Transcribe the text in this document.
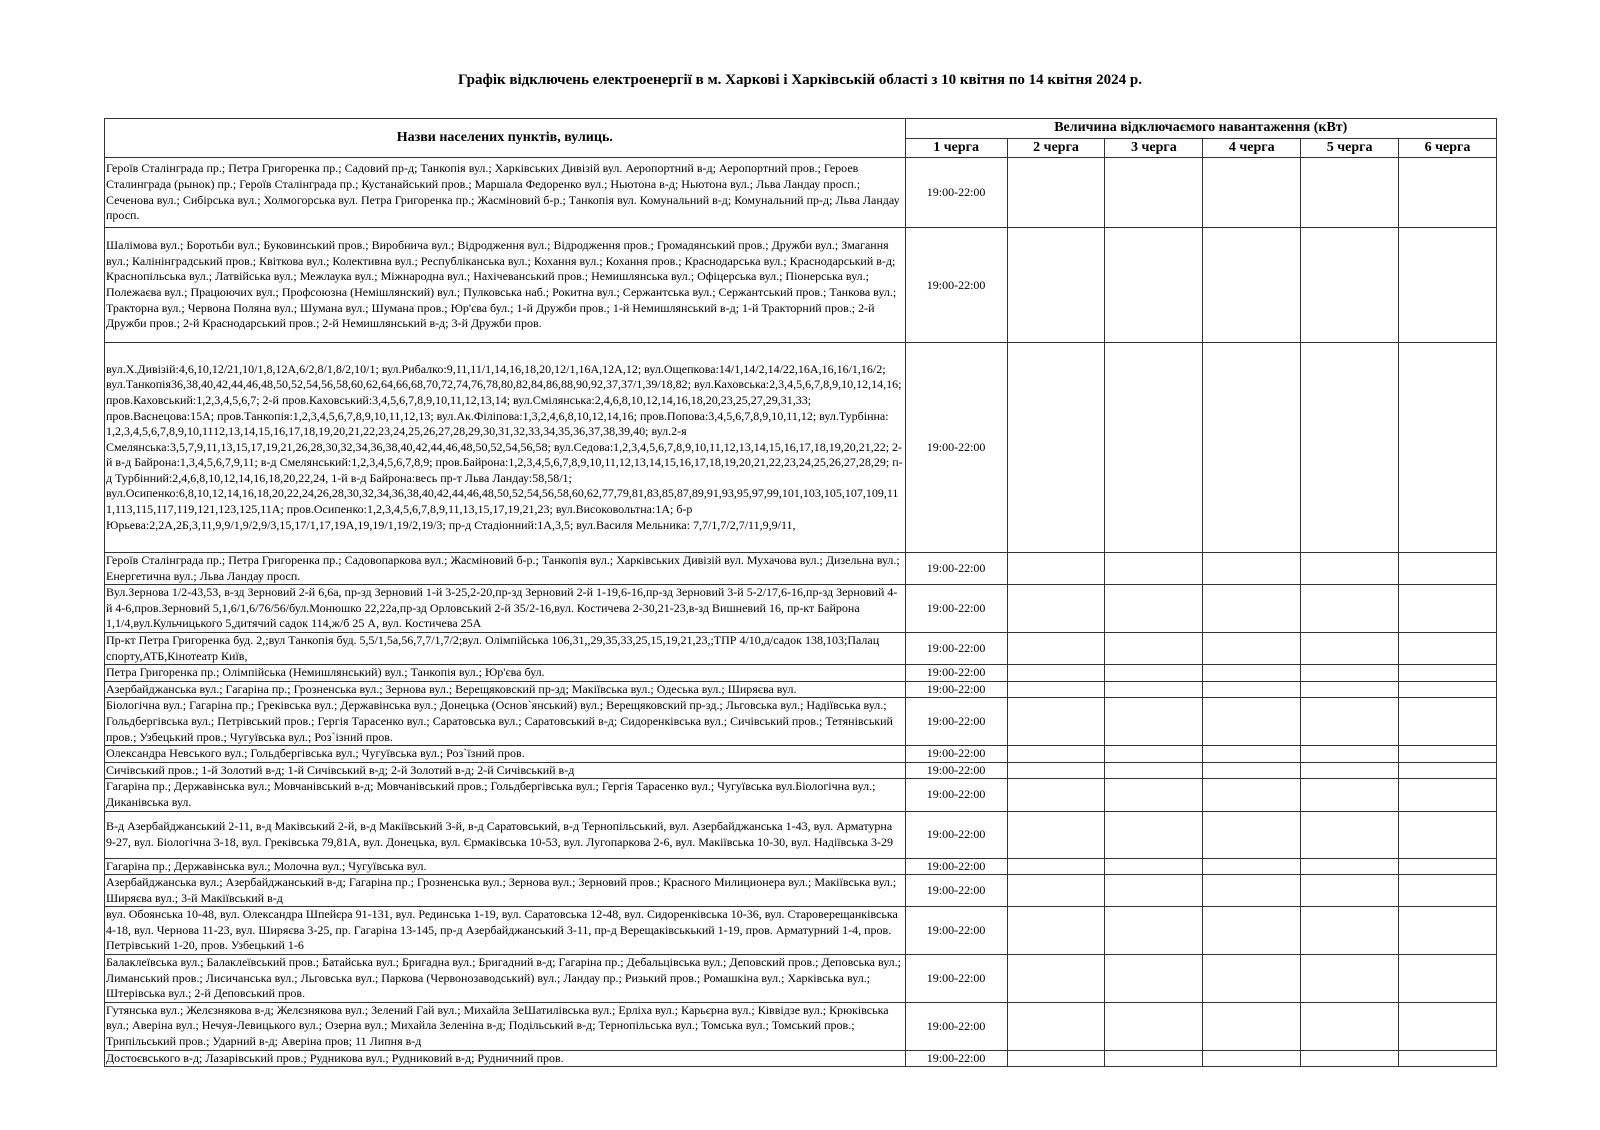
Графік відключень електроенергії в м. Харкові і Харківській області з 10 квітня по 14 квітня 2024 р.
Назви населених пунктів, вулиць.	Величина відключаємого навантаження (кВт)					
	1 черга	2 черга	3 черга	4 черга	5 черга	6 черга
Героїв Сталінграда пр.; Петра Григоренка пр.; Садовий пр-д; Танкопія вул.; Харківських Дивізій вул. Аеропортний в-д; Аеропортний пров.; Героев Сталинграда (рынок) пр.; Героїв Сталінграда пр.; Кустанайський пров.; Маршала Федоренко вул.; Ньютона в-д; Ньютона вул.; Льва Ландау просп.; Сеченова вул.; Сибірська вул.; Холмогорська вул. Петра Григоренка пр.; Жасміновий б-р.; Танкопія вул. Комунальний в-д; Комунальний пр-д; Льва Ландау просп.	19:00-22:00					
Шалімова вул.; Боротьби вул.; Буковинський пров.; Виробнича вул.; Відродження вул.; Відродження пров.; Громадянський пров.; Дружби вул.; Змагання вул.; Калінінградський пров.; Квіткова вул.; Колективна вул.; Республіканська вул.; Кохання вул.; Кохання пров.; Краснодарська вул.; Краснодарський в-д; Краснопільська вул.; Латвійська вул.; Межлаука вул.; Міжнародна вул.; Нахічеванський пров.; Немишлянська вул.; Офіцерська вул.; Піонерська вул.; Полежаєва вул.; Працюючих вул.; Профсоюзна (Немішлянский) вул.; Пулковська наб.; Рокитна вул.; Сержантська вул.; Сержантський пров.; Танкова вул.; Тракторна вул.; Червона Поляна вул.; Шумана вул.; Шумана пров.; Юр'єва бул.; 1-й Дружби пров.; 1-й Немишлянський в-д; 1-й Тракторний пров.; 2-й Дружби пров.; 2-й Краснодарський пров.; 2-й Немишлянський в-д; 3-й Дружби пров.	19:00-22:00					
вул.Х.Дивізій:4,6,10,12/21,10/1,8,12А,6/2,8/1,8/2,10/1; вул.Рибалко:9,11,11/1,14,16,18,20,12/1,16А,12А,12; вул.Ощепкова:14/1,14/2,14/22,16А,16,16/1,16/2; вул.Танкопія36,38,40,42,44,46,48,50,52,54,56,58,60,62,64,66,68,70,72,74,76,78,80,82,84,86,88,90,92,37,37/1,39/18,82; вул.Каховська:2,3,4,5,6,7,8,9,10,12,14,16; пров.Каховський:1,2,3,4,5,6,7; 2-й пров.Каховський:3,4,5,6,7,8,9,10,11,12,13,14; вул.Смілянська:2,4,6,8,10,12,14,16,18,20,23,25,27,29,31,33; пров.Васнецова:15А; пров.Танкопія:1,2,3,4,5,6,7,8,9,10,11,12,13; вул.Ак.Філіпова:1,3,2,4,6,8,10,12,14,16; пров.Попова:3,4,5,6,7,8,9,10,11,12; вул.Турбінна: 1,2,3,4,5,6,7,8,9,10,1112,13,14,15,16,17,18,19,20,21,22,23,24,25,26,27,28,29,30,31,32,33,34,35,36,37,38,39,40; вул.2-я Смелянська:3,5,7,9,11,13,15,17,19,21,26,28,30,32,34,36,38,40,42,44,46,48,50,52,54,56,58; вул.Седова:1,2,3,4,5,6,7,8,9,10,11,12,13,14,15,16,17,18,19,20,21,22; 2-й в-д Байрона:1,3,4,5,6,7,9,11; в-д Смелянський:1,2,3,4,5,6,7,8,9; пров.Байрона:1,2,3,4,5,6,7,8,9,10,11,12,13,14,15,16,17,18,19,20,21,22,23,24,25,26,27,28,29; п-д Турбінний:2,4,6,8,10,12,14,16,18,20,22,24, 1-й в-д Байрона:весь пр-т Льва Ландау:58,58/1; вул.Осипенко:6,8,10,12,14,16,18,20,22,24,26,28,30,32,34,36,38,40,42,44,46,48,50,52,54,56,58,60,62,77,79,81,83,85,87,89,91,93,95,97,99,101,103,105,107,109,111,113,115,117,119,121,123,125,11А; пров.Осипенко:1,2,3,4,5,6,7,8,9,11,13,15,17,19,21,23; вул.Високовольтна:1А; б-р Юрьева:2,2А,2Б,3,11,9,9/1,9/2,9/3,15,17/1,17,19А,19,19/1,19/2,19/3; пр-д Стадіонний:1А,3,5; вул.Василя Мельника: 7,7/1,7/2,7/11,9,9/11,	19:00-22:00					
Героїв Сталінграда пр.; Петра Григоренка пр.; Садовопаркова вул.; Жасміновий б-р.; Танкопія вул.; Харківських Дивізій вул. Мухачова вул.; Дизельна вул.; Енергетична вул.; Льва Ландау просп.	19:00-22:00					
Вул.Зернова 1/2-43,53, в-зд Зерновий 2-й 6,6а, пр-зд Зерновий 1-й 3-25,2-20,пр-зд Зерновий 2-й 1-19,6-16,пр-зд Зерновий 3-й 5-2/17,6-16,пр-зд Зерновий 4-й 4-6,пров.Зерновий 5,1,6/1,6/76/56/бул.Монюшко 22,22а,пр-зд Орловський 2-й 35/2-16,вул. Костичева 2-30,21-23,в-зд Вишневий 16, пр-кт Байрона 1,1/4,вул.Кульчицького 5,дитячий садок 114,ж/б 25 А, вул. Костичева 25А	19:00-22:00					
Пр-кт Петра Григоренка буд. 2,;вул Танкопія буд. 5,5/1,5а,56,7,7/1,7/2;вул. Олімпійська 106,31,,29,35,33,25,15,19,21,23,;ТПР 4/10,д/садок 138,103;Палац спорту,АТБ,Кінотеатр Київ,	19:00-22:00					
Петра Григоренка пр.; Олімпійська (Немишлянський) вул.; Танкопія вул.; Юр'єва бул.	19:00-22:00					
Азербайджанська вул.; Гагаріна пр.; Грозненська вул.; Зернова вул.; Верещяковский пр-зд; Макіївська вул.; Одеська вул.; Ширяєва вул.	19:00-22:00					
Біологічна вул.; Гагаріна пр.; Греківська вул.; Державінська вул.; Донецька (Основ`янський) вул.; Верещяковский пр-зд.; Льговська вул.; Надіївська вул.; Гольдбергівська вул.; Петрівський пров.; Гергія Тарасенко вул.; Саратовська вул.; Саратовський в-д; Сидоренківська вул.; Сичівський пров.; Тетянівський пров.; Узбецький пров.; Чугуївська вул.; Роз`ізний пров.	19:00-22:00					
Олександра Невського вул.; Гольдбергівська вул.; Чугуївська вул.; Роз`їзний пров.	19:00-22:00					
Сичівський пров.; 1-й Золотий в-д; 1-й Сичівський в-д; 2-й Золотий в-д; 2-й Сичівський в-д	19:00-22:00					
Гагаріна пр.; Державінська вул.; Мовчанівський в-д; Мовчанівський пров.; Гольдбергівська вул.; Гергія Тарасенко вул.; Чугуївська вул.Біологічна вул.; Диканівська вул.	19:00-22:00					
В-д Азербайджанський 2-11, в-д Маківський 2-й, в-д Макіївський 3-й, в-д Саратовський, в-д Тернопільський, вул. Азербайджанська 1-43, вул. Арматурна 9-27, вул. Біологічна 3-18, вул. Греківська 79,81А, вул. Донецька, вул. Єрмаківська 10-53, вул. Лугопаркова 2-6, вул. Макіївська 10-30, вул. Надіївська 3-29	19:00-22:00					
Гагаріна пр.; Державінська вул.; Молочна вул.; Чугуївська вул.	19:00-22:00					
Азербайджанська вул.; Азербайджанський в-д; Гагаріна пр.; Грозненська вул.; Зернова вул.; Зерновий пров.; Красного Милиционера вул.; Макіївська вул.; Ширяєва вул.; 3-й Макіївський в-д	19:00-22:00					
вул. Обоянська 10-48, вул. Олександра Шпейєра 91-131, вул. Рединська 1-19, вул. Саратовська 12-48, вул. Сидоренківська 10-36, вул. Староверещанківська 4-18, вул. Чернова 11-23, вул. Ширяєва 3-25, пр. Гагаріна 13-145, пр-д Азербайджанський 3-11, пр-д Верещаківськький 1-19, пров. Арматурний 1-4, пров. Петрівський 1-20, пров. Узбецький 1-6	19:00-22:00					
Балаклеївська вул.; Балаклеївський пров.; Батайська вул.; Бригадна вул.; Бригадний в-д; Гагаріна пр.; Дебальцівська вул.; Деповский пров.; Деповська вул.; Лиманський пров.; Лисичанська вул.; Льговська вул.; Паркова (Червонозаводський) вул.; Ландау пр.; Ризький пров.; Ромашкіна вул.; Харківська вул.; Штерівська вул.; 2-й Деповський пров.	19:00-22:00					
Гутянська вул.; Желєзнякова в-д; Желєзнякова вул.; Зелений Гай вул.; Михайла ЗеШатилівська вул.; Ерліха вул.; Карьєрна вул.; Ківвідзе вул.; Крюківська вул.; Аверіна вул.; Нечуя-Левицького вул.; Озерна вул.; Михайла Зеленіна в-д; Подільський в-д; Тернопільська вул.; Томська вул.; Томський пров.; Трипільський пров.; Ударний в-д; Аверіна пров; 11 Липня в-д	19:00-22:00					
Достоєвського в-д; Лазарівський пров.; Рудникова вул.; Рудниковий в-д; Рудничний пров.	19:00-22:00					
